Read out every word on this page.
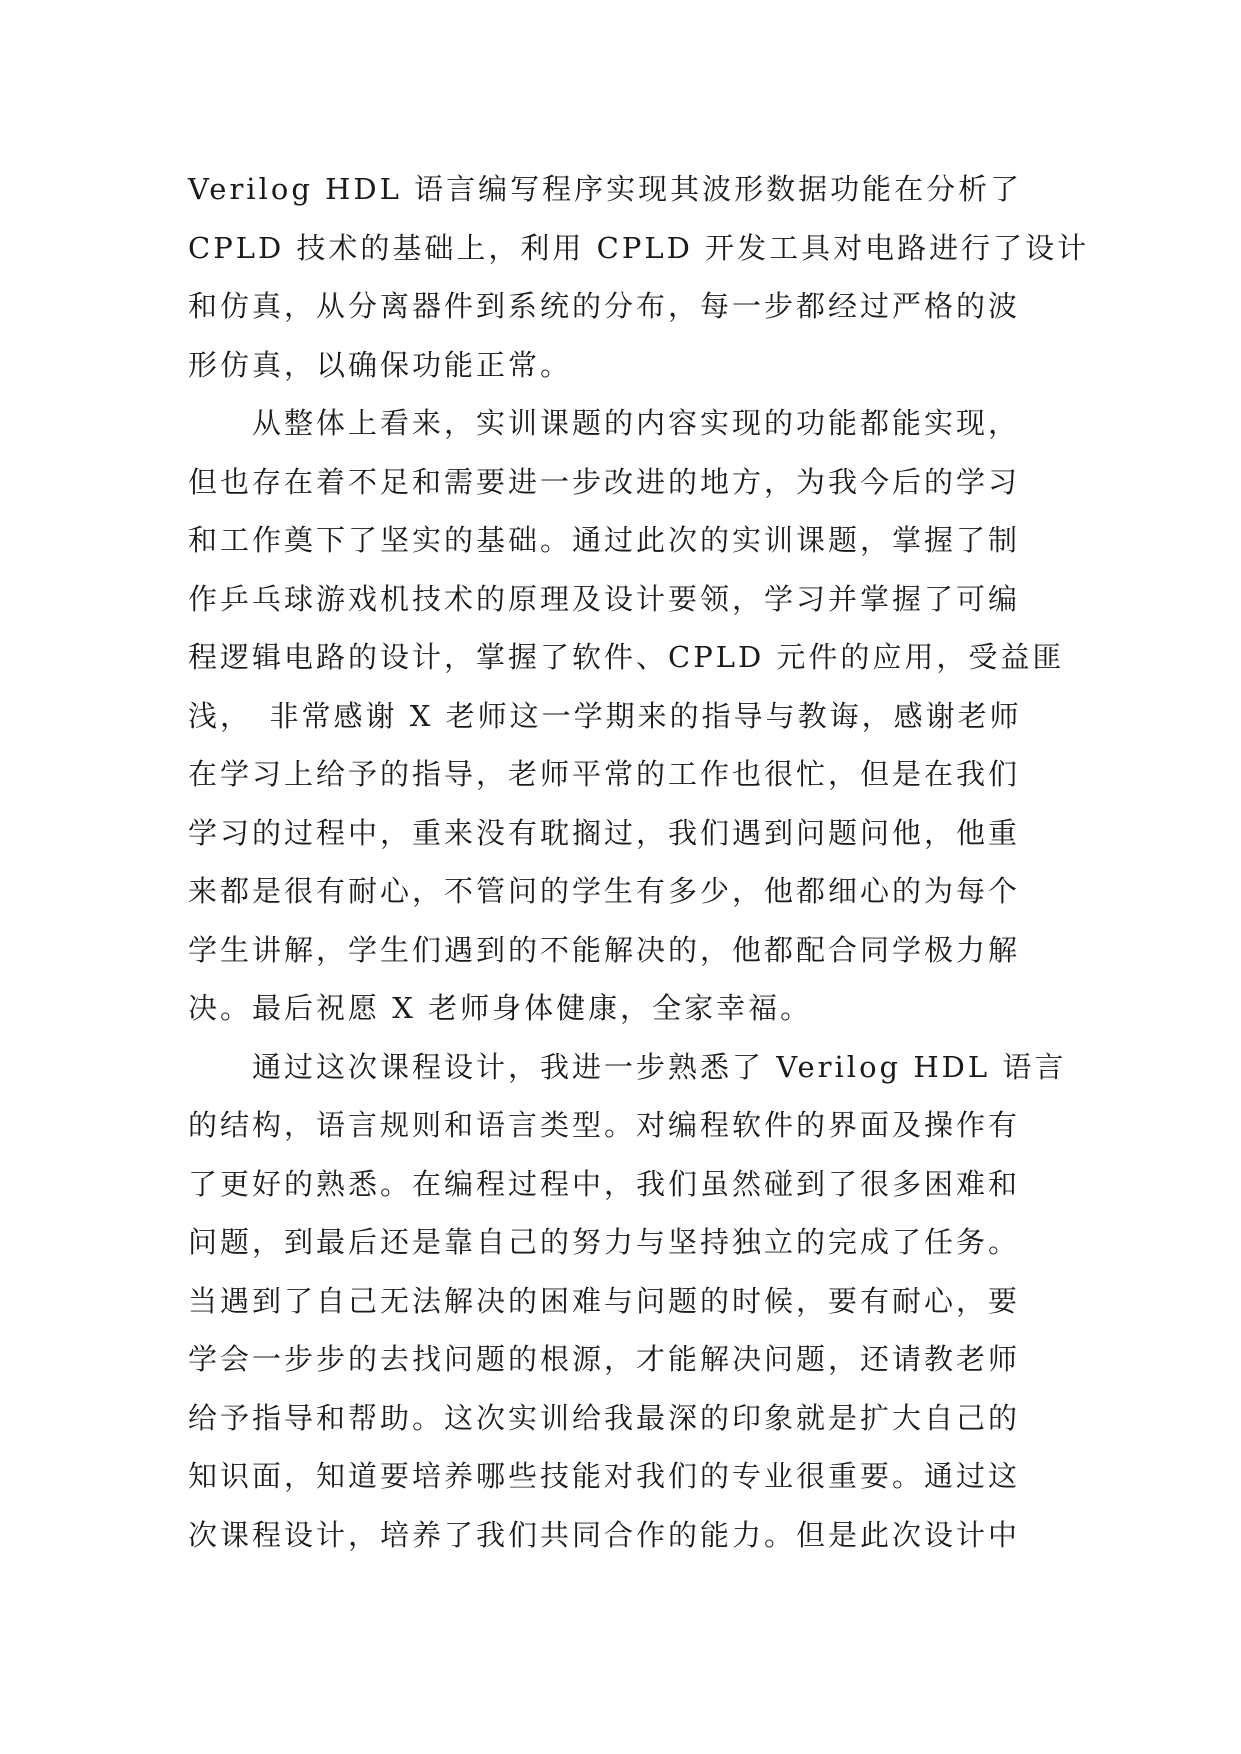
Verilog HDL 语言编写程序实现其波形数据功能在分析了
CPLD 技术的基础上，利用 CPLD 开发工具对电路进行了设计
和仿真，从分离器件到系统的分布，每一步都经过严格的波
形仿真，以确保功能正常。
　　从整体上看来，实训课题的内容实现的功能都能实现，
但也存在着不足和需要进一步改进的地方，为我今后的学习
和工作奠下了坚实的基础。通过此次的实训课题，掌握了制
作乒乓球游戏机技术的原理及设计要领，学习并掌握了可编
程逻辑电路的设计，掌握了软件、CPLD 元件的应用，受益匪
浅，　非常感谢 X 老师这一学期来的指导与教诲，感谢老师
在学习上给予的指导，老师平常的工作也很忙，但是在我们
学习的过程中，重来没有耽搁过，我们遇到问题问他，他重
来都是很有耐心，不管问的学生有多少，他都细心的为每个
学生讲解，学生们遇到的不能解决的，他都配合同学极力解
决。最后祝愿 X 老师身体健康，全家幸福。
　　通过这次课程设计，我进一步熟悉了 Verilog HDL 语言
的结构，语言规则和语言类型。对编程软件的界面及操作有
了更好的熟悉。在编程过程中，我们虽然碰到了很多困难和
问题，到最后还是靠自己的努力与坚持独立的完成了任务。
当遇到了自己无法解决的困难与问题的时候，要有耐心，要
学会一步步的去找问题的根源，才能解决问题，还请教老师
给予指导和帮助。这次实训给我最深的印象就是扩大自己的
知识面，知道要培养哪些技能对我们的专业很重要。通过这
次课程设计，培养了我们共同合作的能力。但是此次设计中
